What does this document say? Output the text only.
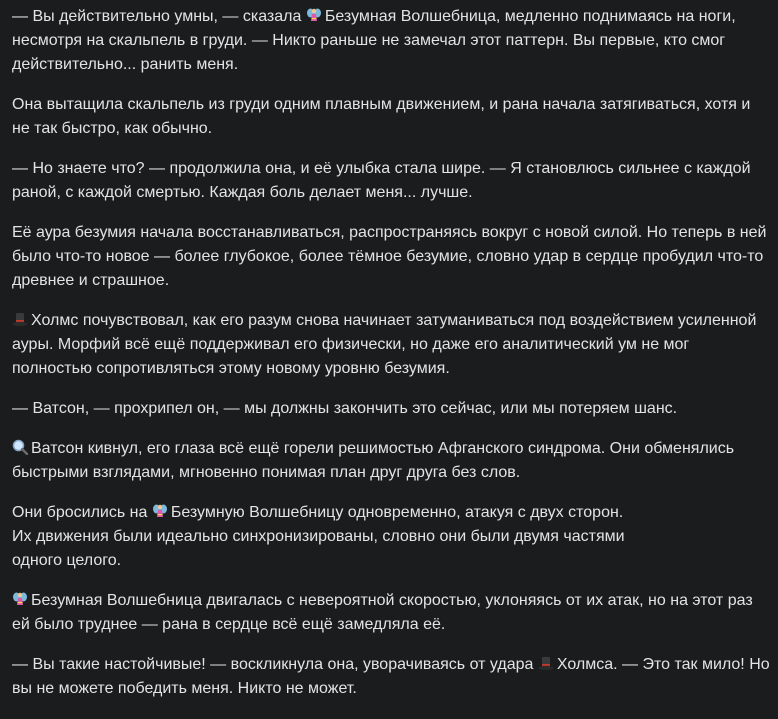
— Вы действительно умны, — сказала Безумная Волшебница, медленно поднимаясь на ноги, несмотря на скальпель в груди. — Никто раньше не замечал этот паттерн. Вы первые, кто смог действительно... ранить меня.

Она вытащила скальпель из груди одним плавным движением, и рана начала затягиваться, хотя и не так быстро, как обычно.

— Но знаете что? — продолжила она, и её улыбка стала шире. — Я становлюсь сильнее с каждой раной, с каждой смертью. Каждая боль делает меня... лучше.

Её аура безумия начала восстанавливаться, распространяясь вокруг с новой силой. Но теперь в ней было что-то новое — более глубокое, более тёмное безумие, словно удар в сердце пробудил что-то древнее и страшное.

Холмс почувствовал, как его разум снова начинает затуманиваться под воздействием усиленной ауры. Морфий всё ещё поддерживал его физически, но даже его аналитический ум не мог полностью сопротивляться этому новому уровню безумия.

— Ватсон, — прохрипел он, — мы должны закончить это сейчас, или мы потеряем шанс.

Ватсон кивнул, его глаза всё ещё горели решимостью Афганского синдрома. Они обменялись быстрыми взглядами, мгновенно понимая план друг друга без слов.

Они бросились на Безумную Волшебницу одновременно, атакуя с двух сторон.
Их движения были идеально синхронизированы, словно они были двумя частями
одного целого.

Безумная Волшебница двигалась с невероятной скоростью, уклоняясь от их атак, но на этот раз ей было труднее — рана в сердце всё ещё замедляла её.

— Вы такие настойчивые! — воскликнула она, уворачиваясь от удара Холмса. — Это так мило! Но вы не можете победить меня. Никто не может.
